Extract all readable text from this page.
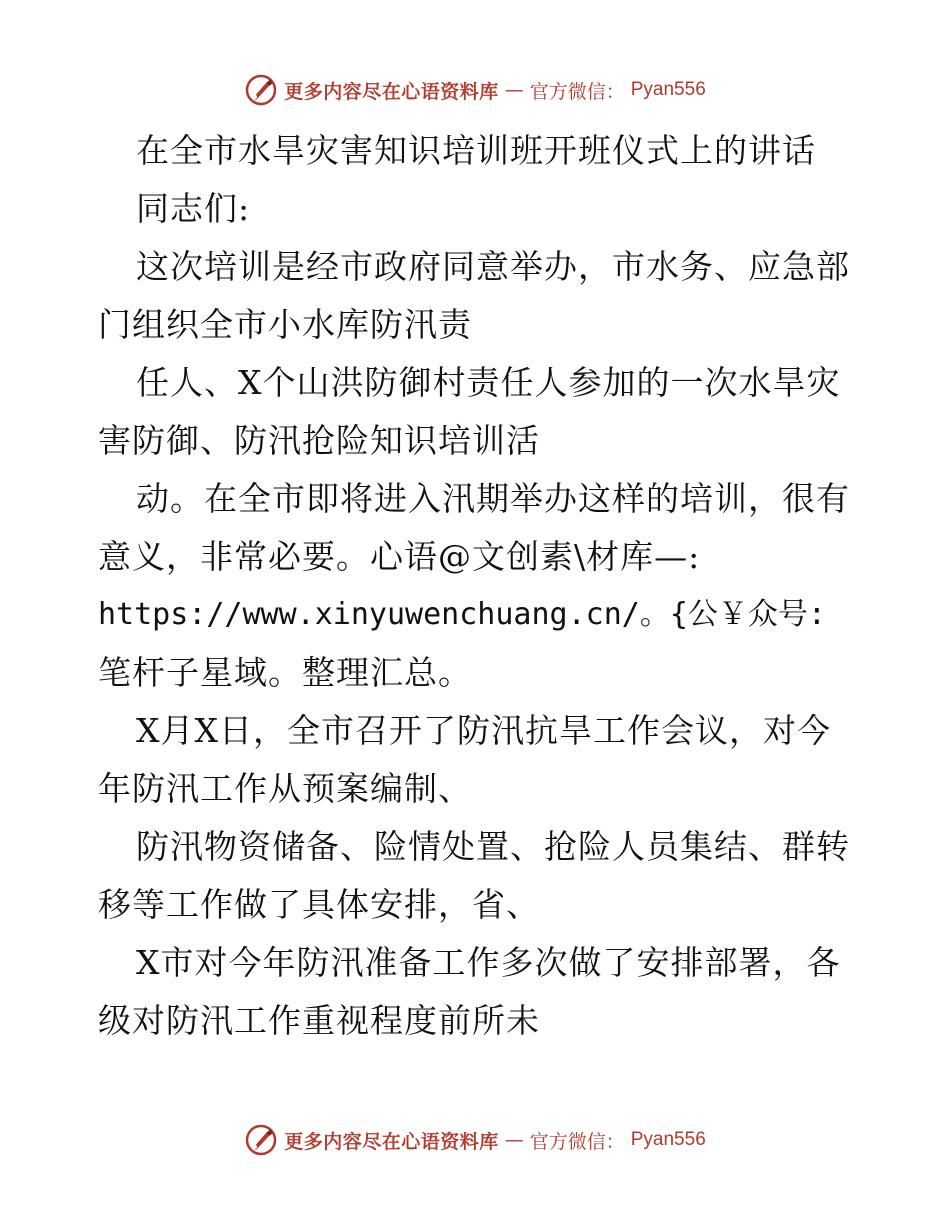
更多内容尽在心语资料库 — 官方微信： Pyan556
在全市水旱灾害知识培训班开班仪式上的讲话
同志们:
这次培训是经市政府同意举办，市水务、应急部
门组织全市小水库防汛责
任人、X个山洪防御村责任人参加的一次水旱灾
害防御、防汛抢险知识培训活
动。在全市即将进入汛期举办这样的培训，很有
意义，非常必要。心语@文创素\材库—:
https://www.xinyuwenchuang.cn/。{公￥众号:
笔杆子星域。整理汇总。
X月X日，全市召开了防汛抗旱工作会议，对今
年防汛工作从预案编制、
防汛物资储备、险情处置、抢险人员集结、群转
移等工作做了具体安排，省、
X市对今年防汛准备工作多次做了安排部署，各
级对防汛工作重视程度前所未
更多内容尽在心语资料库 — 官方微信： Pyan556
